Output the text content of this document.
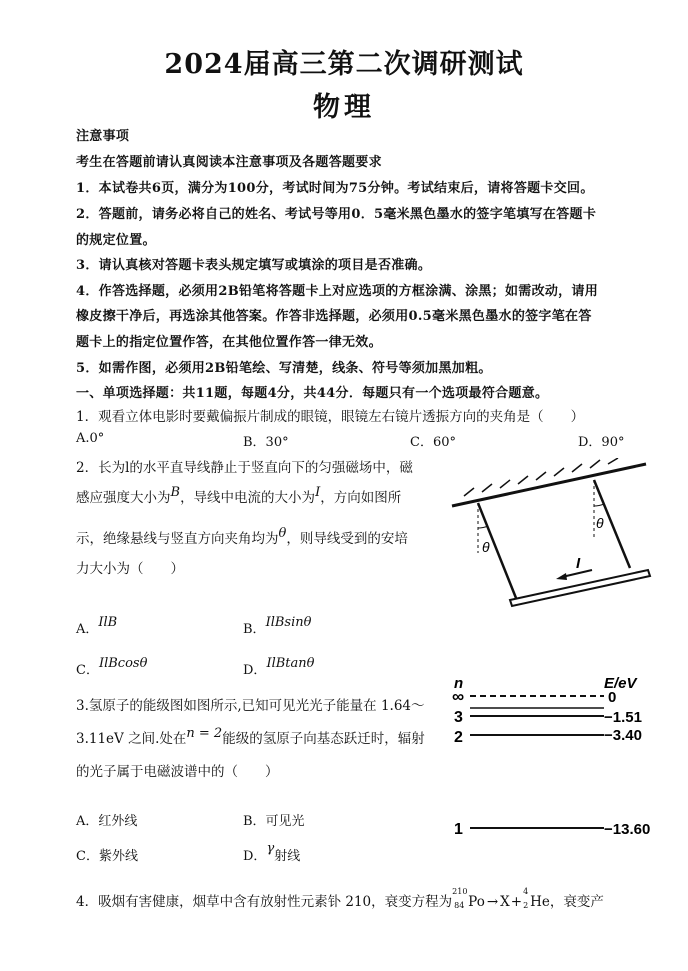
2024届高三第二次调研测试
物理
注意事项
考生在答题前请认真阅读本注意事项及各题答题要求
1．本试卷共6页，满分为100分，考试时间为75分钟。考试结束后，请将答题卡交回。
2．答题前，请务必将自己的姓名、考试号等用0．5毫米黑色墨水的签字笔填写在答题卡
的规定位置。
3．请认真核对答题卡表头规定填写或填涂的项目是否准确。
4．作答选择题，必须用2B铅笔将答题卡上对应选项的方框涂满、涂黑；如需改动，请用
橡皮擦干净后，再选涂其他答案。作答非选择题，必须用0.5毫米黑色墨水的签字笔在答
题卡上的指定位置作答，在其他位置作答一律无效。
5．如需作图，必须用2B铅笔绘、写清楚，线条、符号等须加黑加粗。
一、单项选择题：共11题，每题4分，共44分．每题只有一个选项最符合题意。
1．观看立体电影时要戴偏振片制成的眼镜，眼镜左右镜片透振方向的夹角是（　　）
A.0°	B．30°	C．60°	D．90°
2．长为l的水平直导线静止于竖直向下的匀强磁场中，磁
感应强度大小为B，导线中电流的大小为I，方向如图所
示，绝缘悬线与竖直方向夹角均为θ，则导线受到的安培
力大小为（　　）
A．IlB	B．IlBsinθ
C．IlBcosθ	D．IlBtanθ
θ
θ
I
3.氢原子的能级图如图所示,已知可见光光子能量在 1.64～
3.11eV 之间.处在n = 2能级的氢原子向基态跃迁时，辐射
的光子属于电磁波谱中的（　　）
A．红外线	B．可见光
C．紫外线	D．γ射线
n	E/eV
∞	0
3	−1.51
2	−3.40
1	−13.60
4．吸烟有害健康，烟草中含有放射性元素钋 210，衰变方程为
210
84 Po → X+
4
2 He，衰变产
